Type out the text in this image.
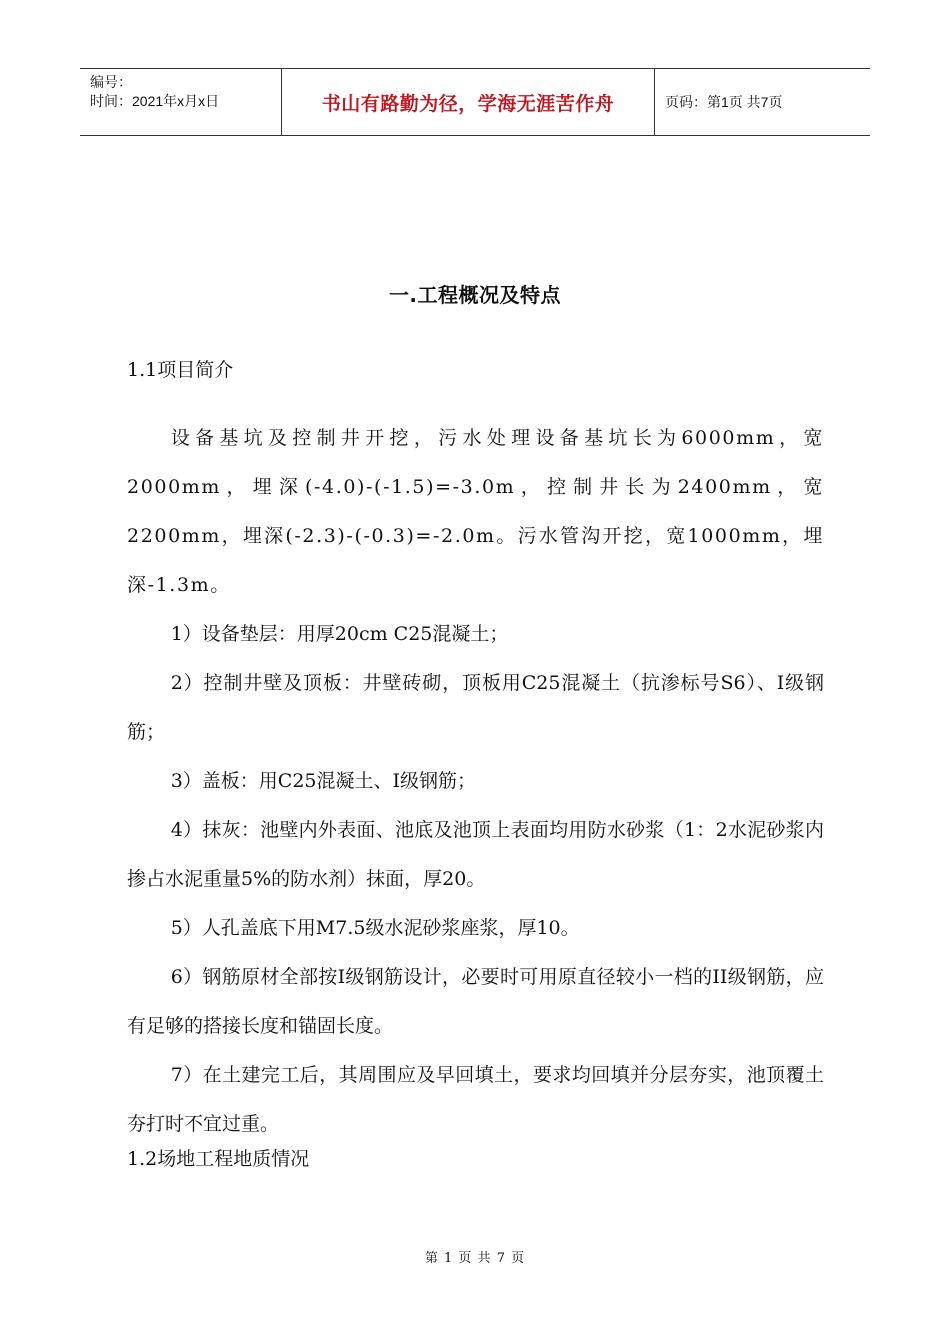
编号：
时间：2021年x月x日	书山有路勤为径，学海无涯苦作舟	页码：第1页 共7页
一.工程概况及特点
1.1项目简介

设备基坑及控制井开挖，污水处理设备基坑长为6000mm，宽2000mm，埋深(-4.0)-(-1.5)=-3.0m，控制井长为2400mm，宽2200mm，埋深(-2.3)-(-0.3)=-2.0m。污水管沟开挖，宽1000mm，埋深-1.3m。

1）设备垫层：用厚20cm C25混凝土；

2）控制井壁及顶板：井壁砖砌，顶板用C25混凝土（抗渗标号S6）、I级钢筋；

3）盖板：用C25混凝土、I级钢筋；

4）抹灰：池壁内外表面、池底及池顶上表面均用防水砂浆（1：2水泥砂浆内掺占水泥重量5%的防水剂）抹面，厚20。

5）人孔盖底下用M7.5级水泥砂浆座浆，厚10。

6）钢筋原材全部按I级钢筋设计，必要时可用原直径较小一档的II级钢筋，应有足够的搭接长度和锚固长度。

7）在土建完工后，其周围应及早回填土，要求均回填并分层夯实，池顶覆土夯打时不宜过重。

1.2场地工程地质情况
第 1 页 共 7 页
